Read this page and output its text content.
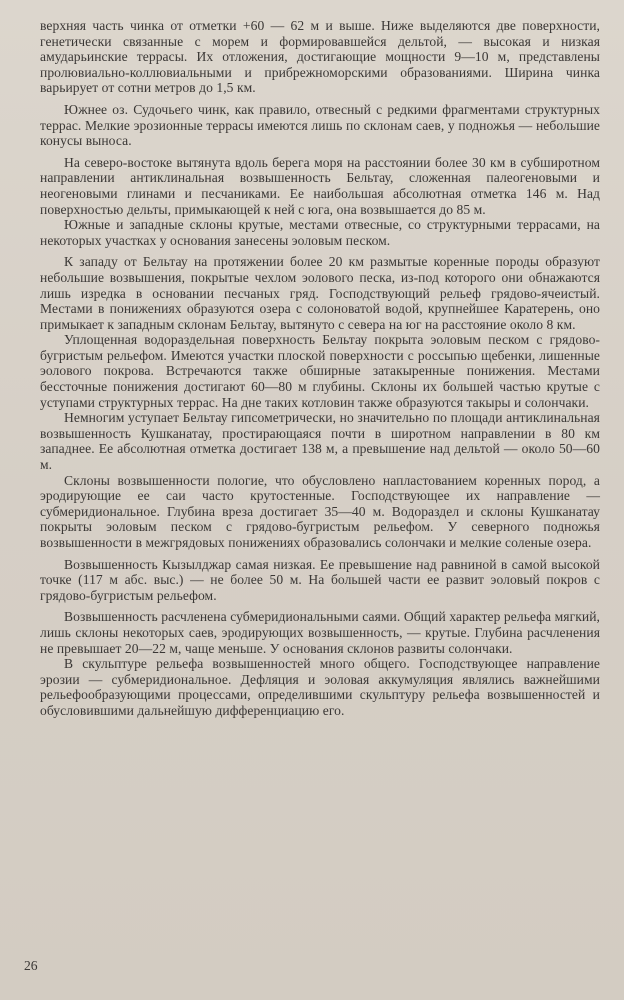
верхняя часть чинка от отметки +60 — 62 м и выше. Ниже выделяются две поверхности, генетически связанные с морем и формировавшейся дельтой, — высокая и низкая амударьинские террасы. Их отложения, достигающие мощности 9—10 м, представлены пролювиально-коллювиальными и прибрежноморскими образованиями. Ширина чинка варьирует от сотни метров до 1,5 км.

Южнее оз. Судочьего чинк, как правило, отвесный с редкими фрагментами структурных террас. Мелкие эрозионные террасы имеются лишь по склонам саев, у подножья — небольшие конусы выноса.

На северо-востоке вытянута вдоль берега моря на расстоянии более 30 км в субширотном направлении антиклинальная возвышенность Бельтау, сложенная палеогеновыми и неогеновыми глинами и песчаниками. Ее наибольшая абсолютная отметка 146 м. Над поверхностью дельты, примыкающей к ней с юга, она возвышается до 85 м.

Южные и западные склоны крутые, местами отвесные, со структурными террасами, на некоторых участках у основания занесены эоловым песком.

К западу от Бельтау на протяжении более 20 км размытые коренные породы образуют небольшие возвышения, покрытые чехлом эолового песка, из-под которого они обнажаются лишь изредка в основании песчаных гряд. Господствующий рельеф грядово-ячеистый. Местами в понижениях образуются озера с солоноватой водой, крупнейшее Каратерень, оно примыкает к западным склонам Бельтау, вытянуто с севера на юг на расстояние около 8 км.

Уплощенная водораздельная поверхность Бельтау покрыта эоловым песком с грядово-бугристым рельефом. Имеются участки плоской поверхности с россыпью щебенки, лишенные эолового покрова. Встречаются также обширные затакыренные понижения. Местами бессточные понижения достигают 60—80 м глубины. Склоны их большей частью крутые с уступами структурных террас. На дне таких котловин также образуются такыры и солончаки.

Немногим уступает Бельтау гипсометрически, но значительно по площади антиклинальная возвышенность Кушканатау, простирающаяся почти в широтном направлении в 80 км западнее. Ее абсолютная отметка достигает 138 м, а превышение над дельтой — около 50—60 м.

Склоны возвышенности пологие, что обусловлено напластованием коренных пород, а эродирующие ее саи часто крутостенные. Господствующее их направление — субмеридиональное. Глубина вреза достигает 35—40 м. Водораздел и склоны Кушканатау покрыты эоловым песком с грядово-бугристым рельефом. У северного подножья возвышенности в межгрядовых понижениях образовались солончаки и мелкие соленые озера.

Возвышенность Кызылджар самая низкая. Ее превышение над равниной в самой высокой точке (117 м абс. выс.) — не более 50 м. На большей части ее развит эоловый покров с грядово-бугристым рельефом.

Возвышенность расчленена субмеридиональными саями. Общий характер рельефа мягкий, лишь склоны некоторых саев, эродирующих возвышенность, — крутые. Глубина расчленения не превышает 20—22 м, чаще меньше. У основания склонов развиты солончаки.

В скульптуре рельефа возвышенностей много общего. Господствующее направление эрозии — субмеридиональное. Дефляция и эоловая аккумуляция являлись важнейшими рельефообразующими процессами, определившими скульптуру рельефа возвышенностей и обусловившими дальнейшую дифференциацию его.

26
